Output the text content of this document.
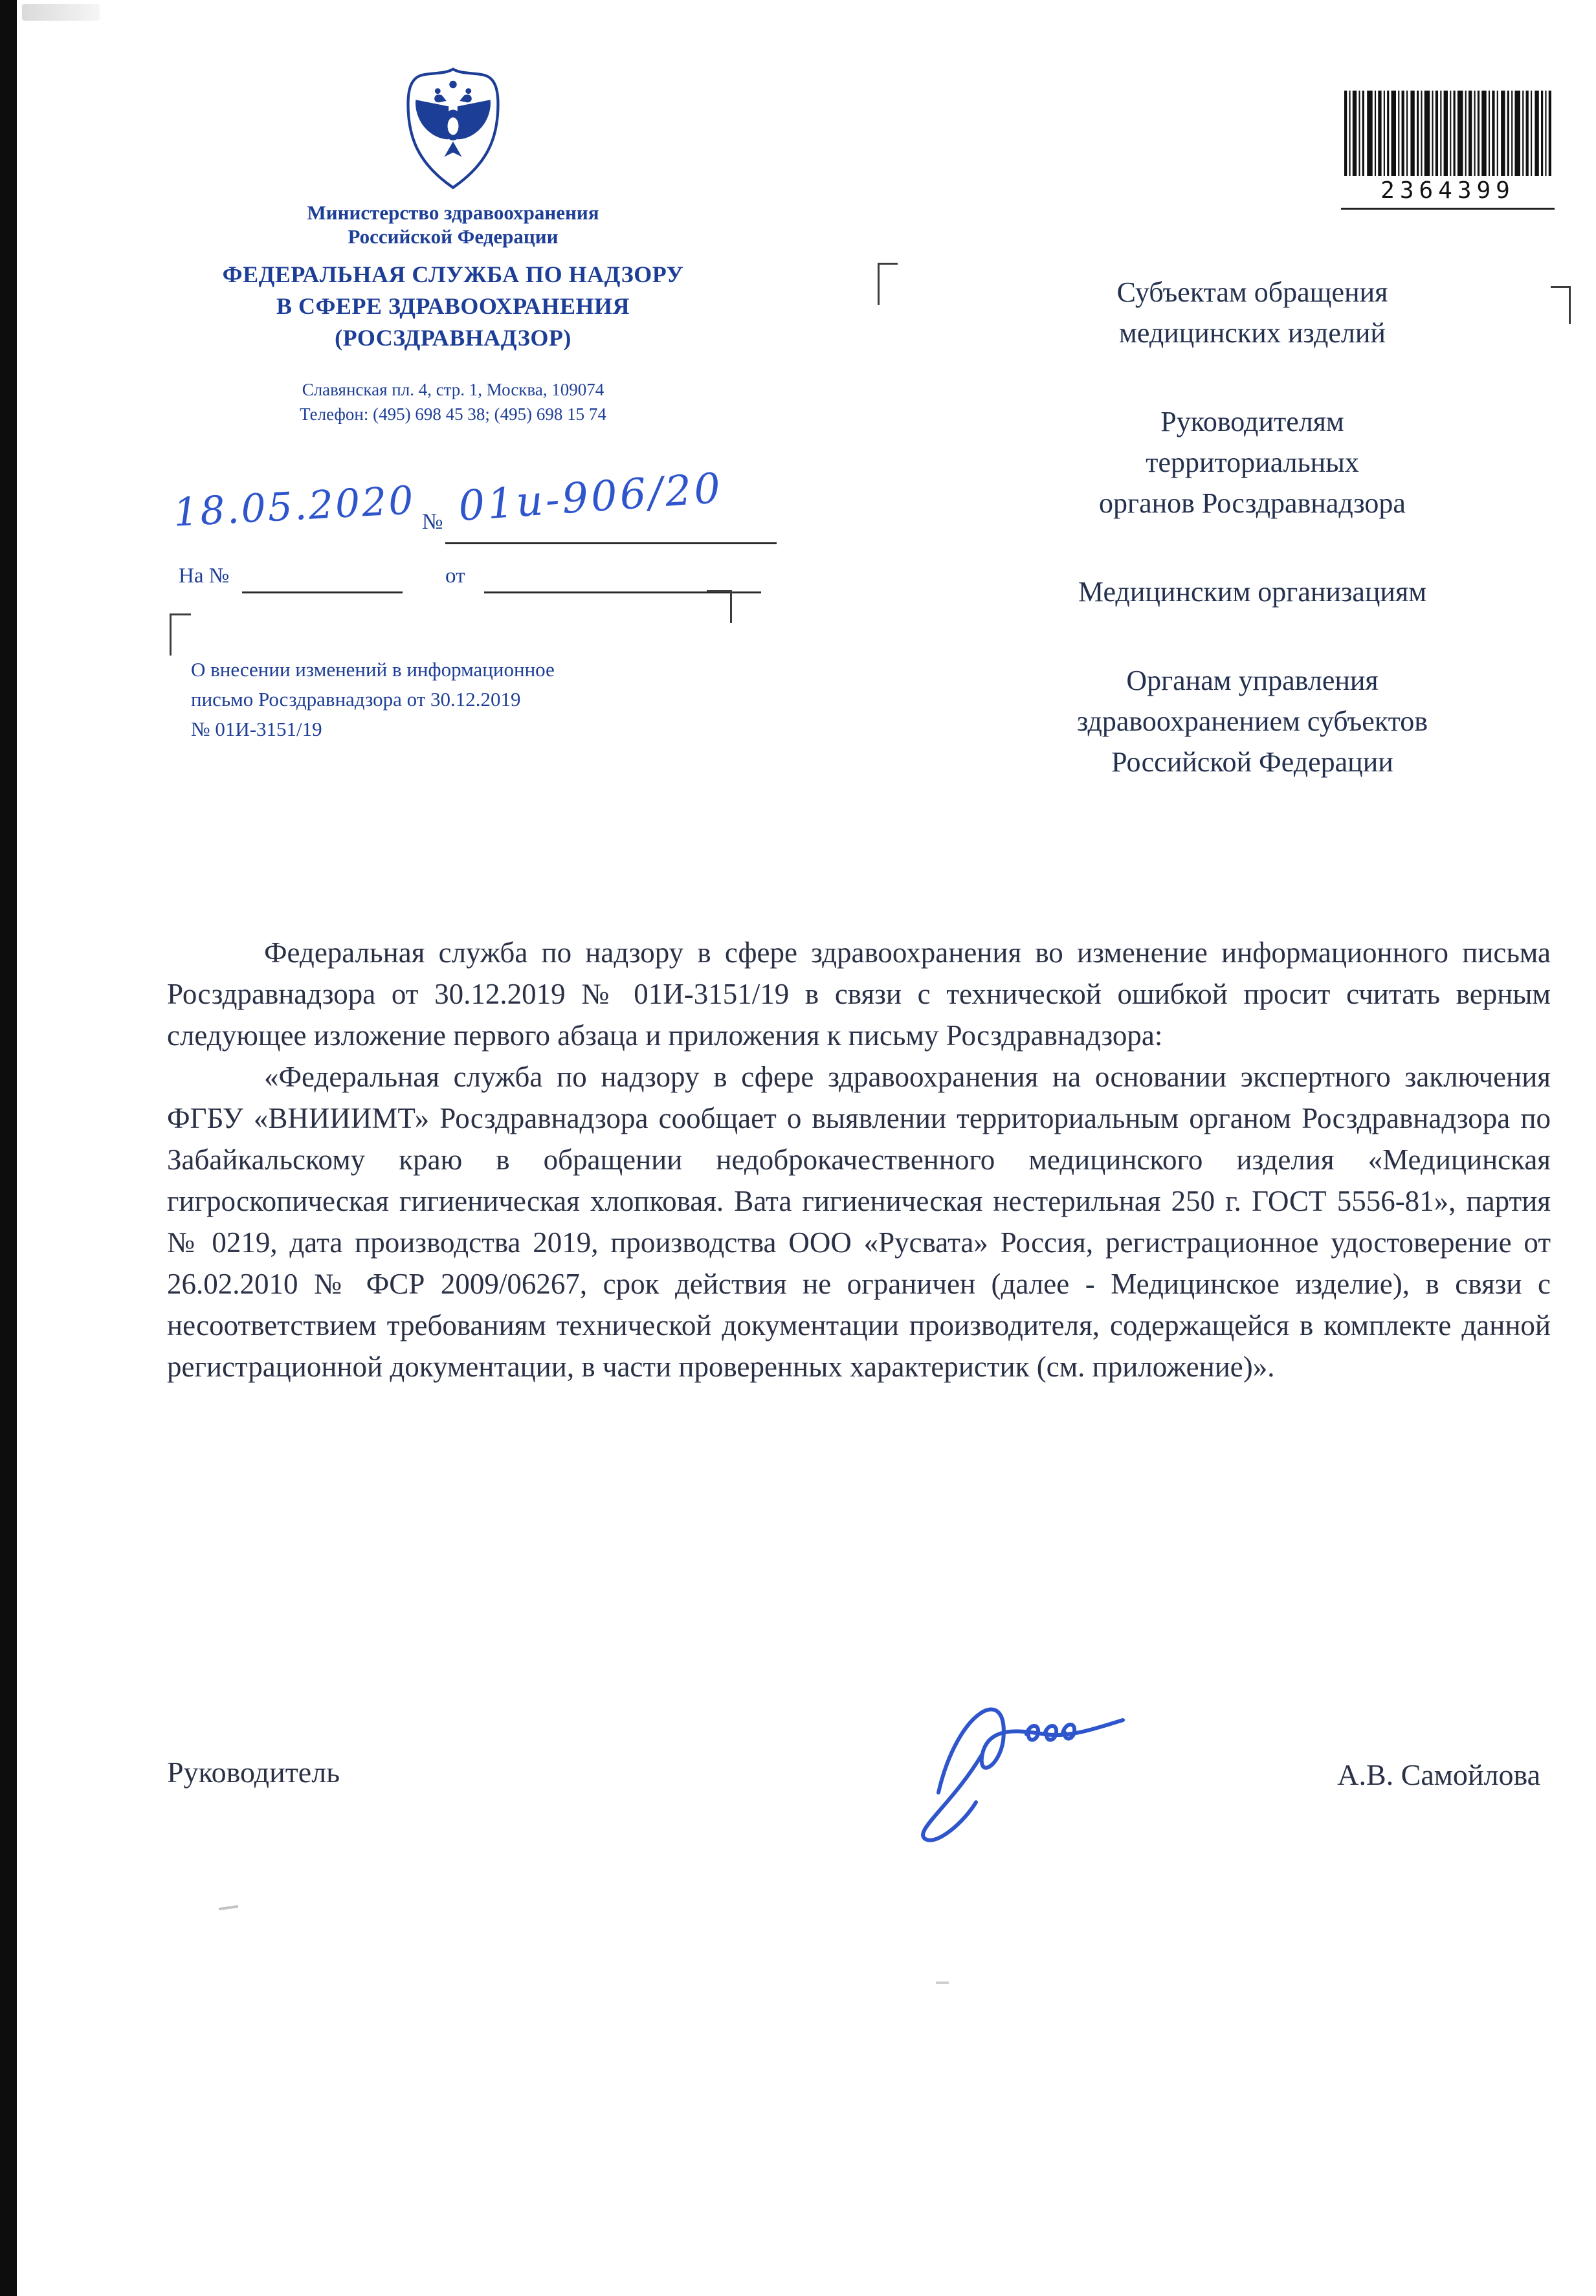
Министерство здравоохранения
Российской Федерации
ФЕДЕРАЛЬНАЯ СЛУЖБА ПО НАДЗОРУ
В СФЕРЕ ЗДРАВООХРАНЕНИЯ
(РОСЗДРАВНАДЗОР)
Славянская пл. 4, стр. 1, Москва, 109074
Телефон: (495) 698 45 38; (495) 698 15 74
18.05.2020 № 01и-906/20
На №	от
О внесении изменений в информационное
письмо Росздравнадзора от 30.12.2019
№ 01И-3151/19
2364399
Субъектам обращения
медицинских изделий
Руководителям
территориальных
органов Росздравнадзора
Медицинским организациям
Органам управления
здравоохранением субъектов
Российской Федерации

Федеральная служба по надзору в сфере здравоохранения во изменение информационного письма Росздравнадзора от 30.12.2019 № 01И-3151/19 в связи с технической ошибкой просит считать верным следующее изложение первого абзаца и приложения к письму Росздравнадзора:

«Федеральная служба по надзору в сфере здравоохранения на основании экспертного заключения ФГБУ «ВНИИИМТ» Росздравнадзора сообщает о выявлении территориальным органом Росздравнадзора по Забайкальскому краю в обращении недоброкачественного медицинского изделия «Медицинская гигроскопическая гигиеническая хлопковая. Вата гигиеническая нестерильная 250 г. ГОСТ 5556-81», партия № 0219, дата производства 2019, производства ООО «Русвата» Россия, регистрационное удостоверение от 26.02.2010 № ФСР 2009/06267, срок действия не ограничен (далее - Медицинское изделие), в связи с несоответствием требованиям технической документации производителя, содержащейся в комплекте данной регистрационной документации, в части проверенных характеристик (см. приложение)».

Руководитель	А.В. Самойлова
